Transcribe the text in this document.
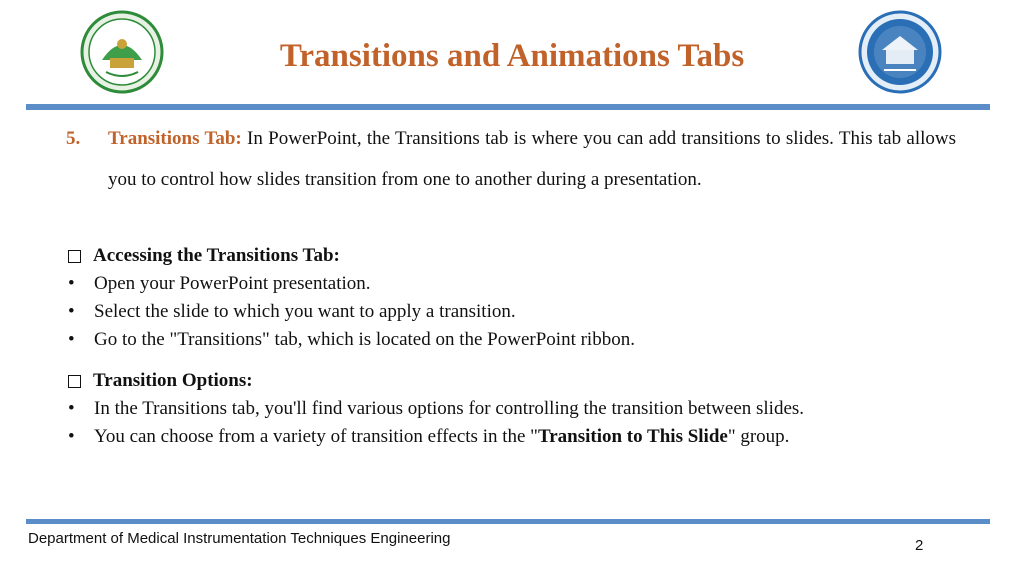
Transitions and Animations Tabs
5. Transitions Tab: In PowerPoint, the Transitions tab is where you can add transitions to slides. This tab allows you to control how slides transition from one to another during a presentation.
Accessing the Transitions Tab:
• Open your PowerPoint presentation.
• Select the slide to which you want to apply a transition.
• Go to the "Transitions" tab, which is located on the PowerPoint ribbon.
Transition Options:
• In the Transitions tab, you'll find various options for controlling the transition between slides.
• You can choose from a variety of transition effects in the "Transition to This Slide" group.
Department of Medical Instrumentation Techniques Engineering	2
